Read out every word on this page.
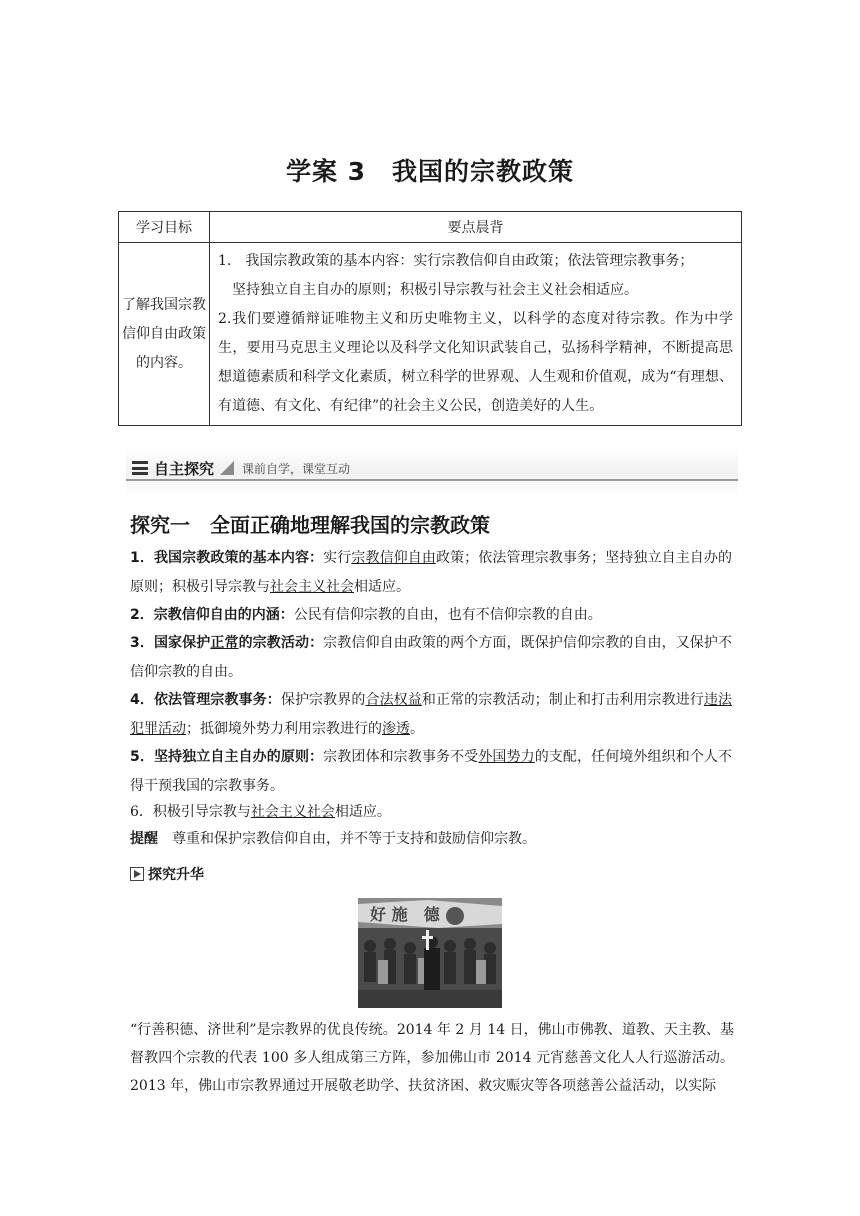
学案 3　我国的宗教政策
学习目标	要点晨背
了解我国宗教信仰自由政策的内容。	1.　我国宗教政策的基本内容：实行宗教信仰自由政策；依法管理宗教事务；
坚持独立自主自办的原则；积极引导宗教与社会主义社会相适应。
2.我们要遵循辩证唯物主义和历史唯物主义，以科学的态度对待宗教。作为中学生，要用马克思主义理论以及科学文化知识武装自己，弘扬科学精神，不断提高思想道德素质和科学文化素质，树立科学的世界观、人生观和价值观，成为“有理想、有道德、有文化、有纪律”的社会主义公民，创造美好的人生。
自主探究 课前自学，课堂互动
探究一　全面正确地理解我国的宗教政策
1．我国宗教政策的基本内容：实行宗教信仰自由政策；依法管理宗教事务；坚持独立自主自办的原则；积极引导宗教与社会主义社会相适应。
2．宗教信仰自由的内涵：公民有信仰宗教的自由，也有不信仰宗教的自由。
3．国家保护正常的宗教活动：宗教信仰自由政策的两个方面，既保护信仰宗教的自由，又保护不信仰宗教的自由。
4．依法管理宗教事务：保护宗教界的合法权益和正常的宗教活动；制止和打击利用宗教进行违法犯罪活动；抵御境外势力利用宗教进行的渗透。
5．坚持独立自主自办的原则：宗教团体和宗教事务不受外国势力的支配，任何境外组织和个人不得干预我国的宗教事务。
6．积极引导宗教与社会主义社会相适应。
提醒　尊重和保护宗教信仰自由，并不等于支持和鼓励信仰宗教。
探究升华
好 施　德
“行善积德、济世利”是宗教界的优良传统。2014 年 2 月 14 日，佛山市佛教、道教、天主教、基督教四个宗教的代表 100 多人组成第三方阵，参加佛山市 2014 元宵慈善文化人人行巡游活动。2013 年，佛山市宗教界通过开展敬老助学、扶贫济困、救灾赈灾等各项慈善公益活动，以实际
